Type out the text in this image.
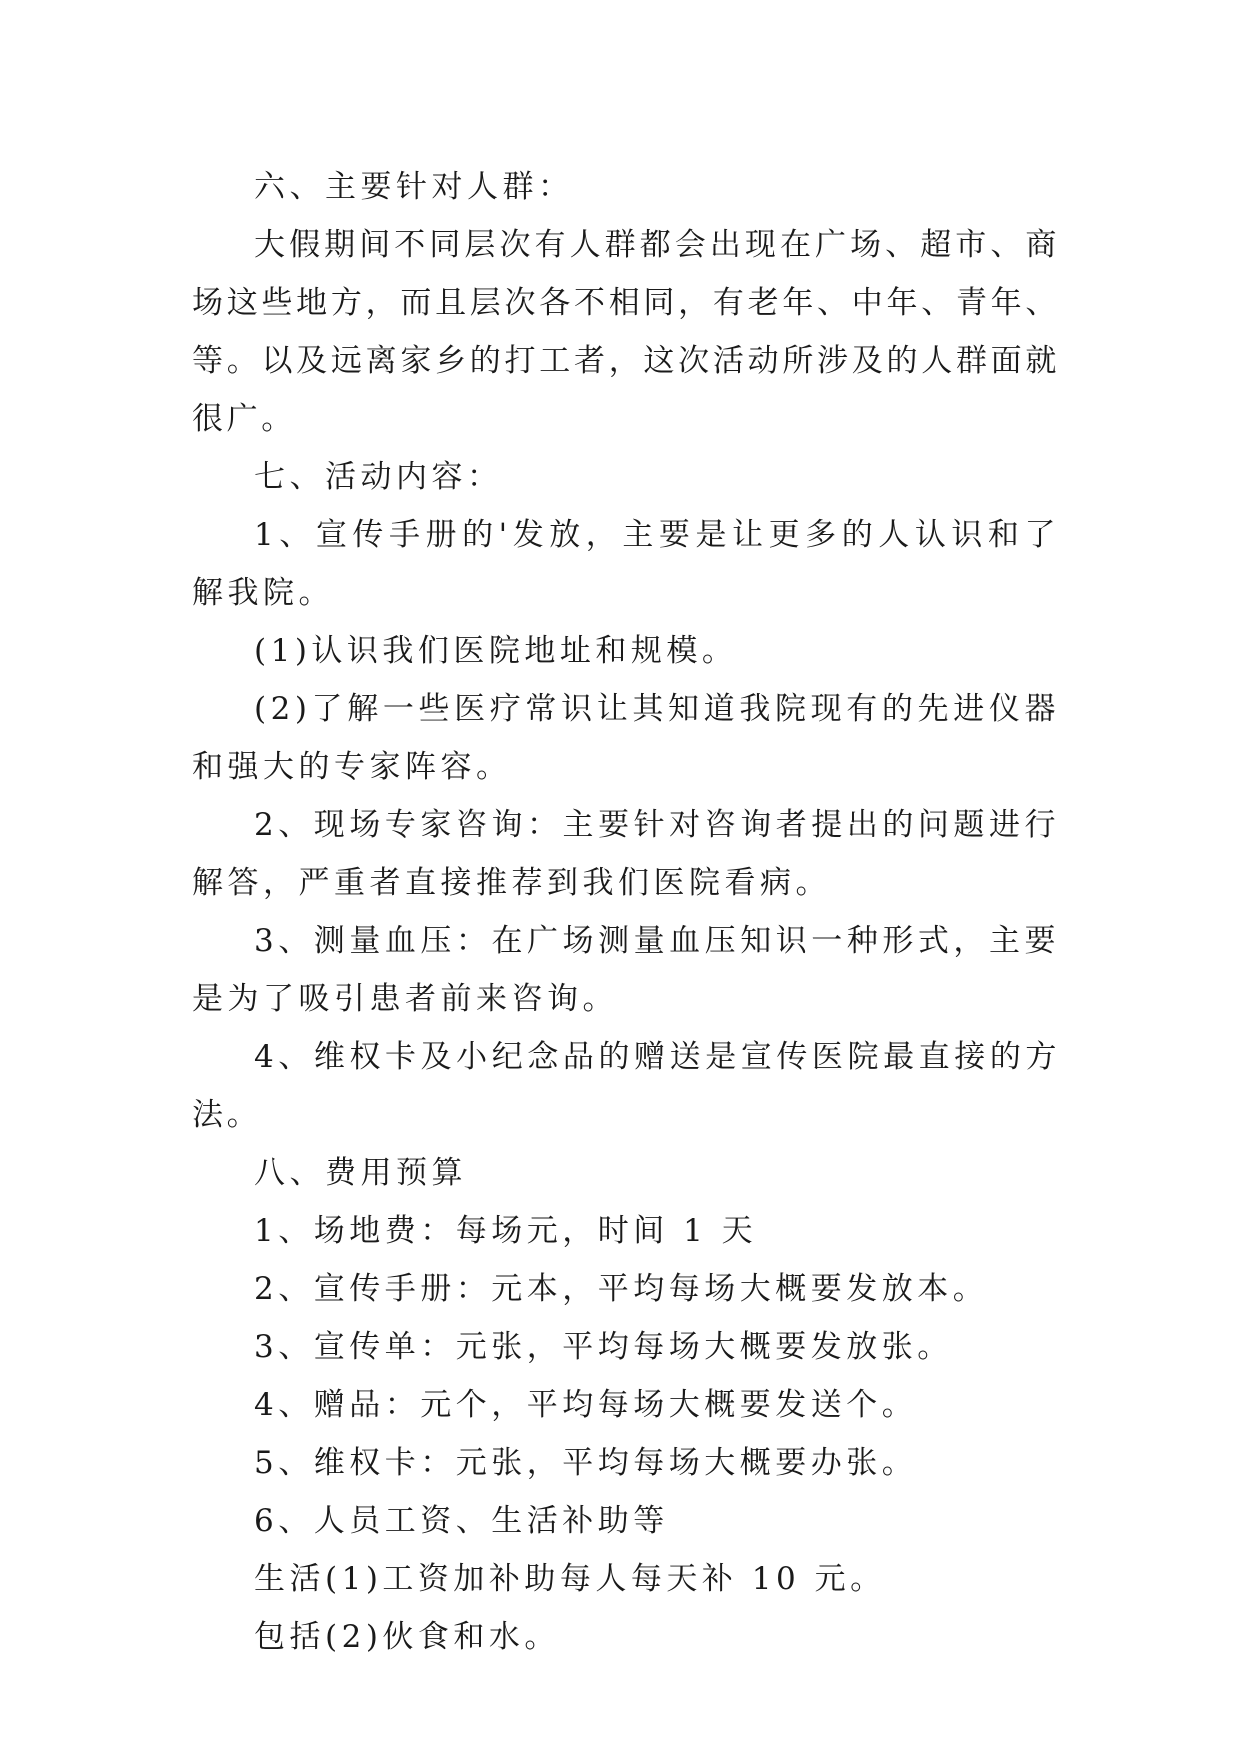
六、主要针对人群：

大假期间不同层次有人群都会出现在广场、超市、商场这些地方，而且层次各不相同，有老年、中年、青年、等。以及远离家乡的打工者，这次活动所涉及的人群面就很广。

七、活动内容：

1、宣传手册的'发放，主要是让更多的人认识和了解我院。

(1)认识我们医院地址和规模。

(2)了解一些医疗常识让其知道我院现有的先进仪器和强大的专家阵容。

2、现场专家咨询：主要针对咨询者提出的问题进行解答，严重者直接推荐到我们医院看病。

3、测量血压：在广场测量血压知识一种形式，主要是为了吸引患者前来咨询。

4、维权卡及小纪念品的赠送是宣传医院最直接的方法。

八、费用预算

1、场地费：每场元，时间 1 天

2、宣传手册：元本，平均每场大概要发放本。

3、宣传单：元张，平均每场大概要发放张。

4、赠品：元个，平均每场大概要发送个。

5、维权卡：元张，平均每场大概要办张。

6、人员工资、生活补助等

生活(1)工资加补助每人每天补 10 元。

包括(2)伙食和水。
